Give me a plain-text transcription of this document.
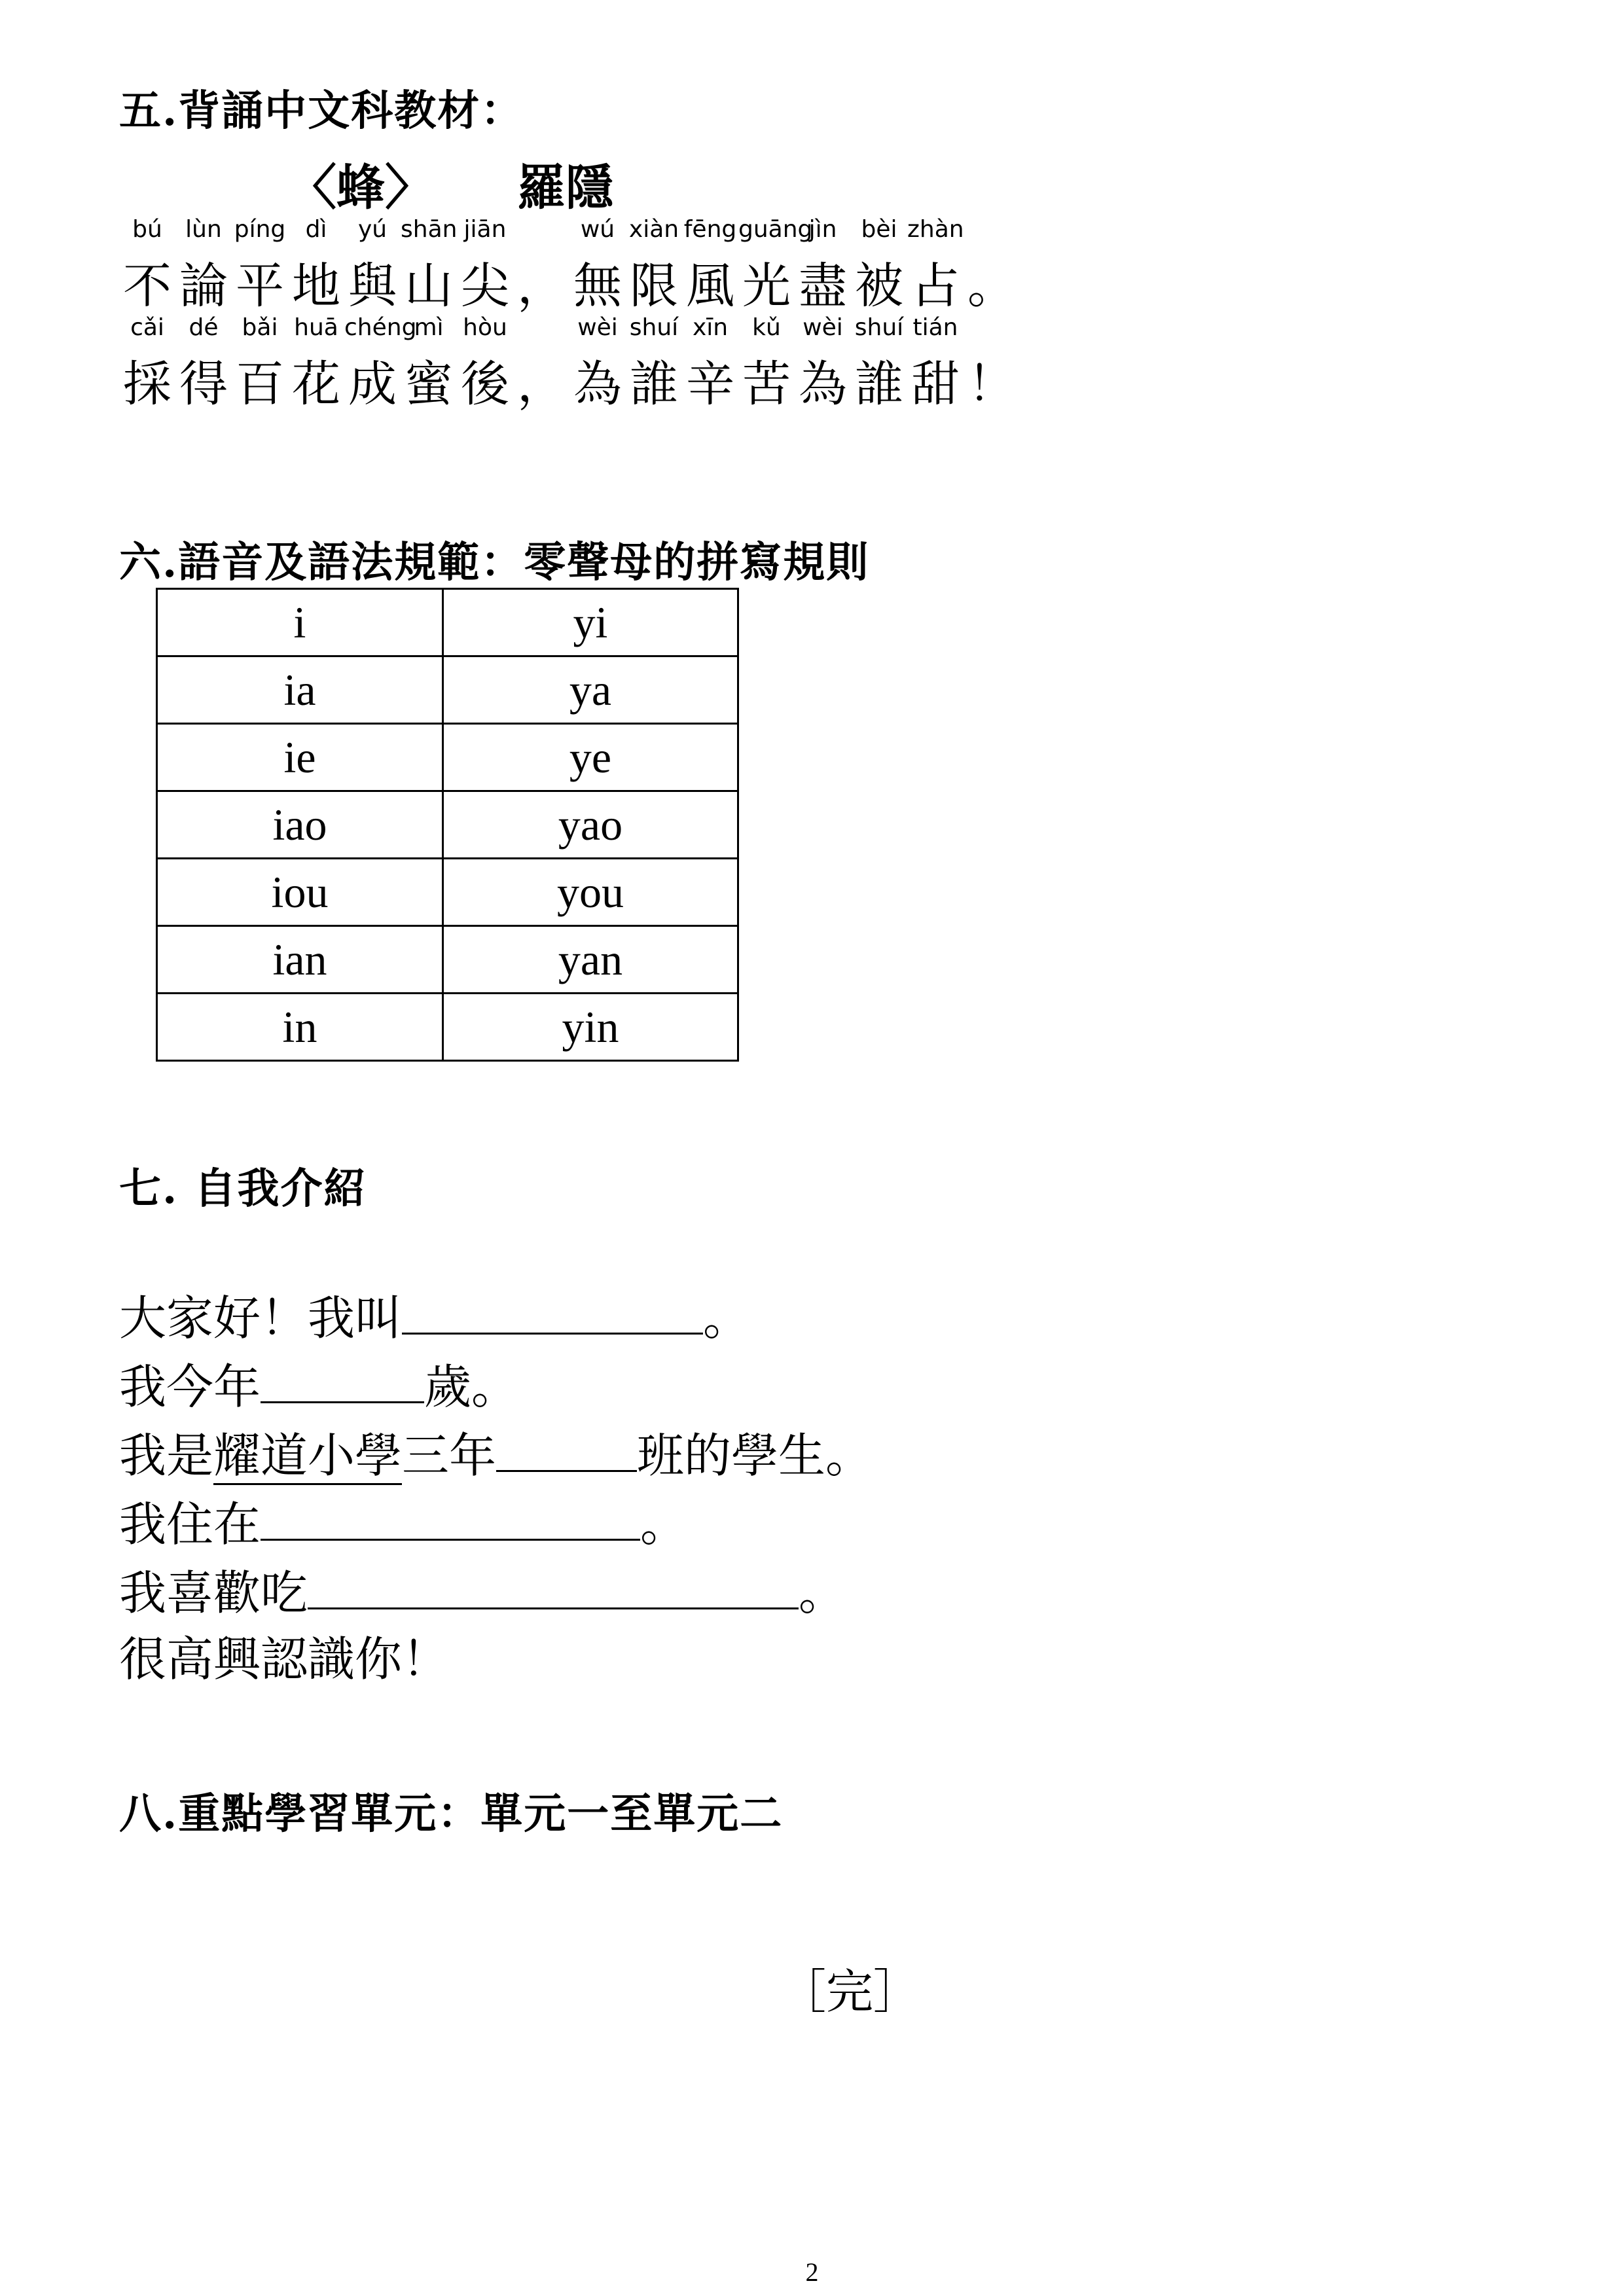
五.背誦中文科教材：
〈蜂〉 羅隱
bú lùn píng dì	yú shān jiān	wú xiàn fēng guāng
jìn	bèi zhàn
不 論 平 地 與 山 尖 ， 無 限 風 光 盡 被 占 。
cǎi	dé	bǎi huā chéng
mì hòu	wèi shuí xīn	kǔ wèi shuí tián
採 得 百 花 成 蜜 後 ， 為 誰 辛 苦 為 誰 甜 ！
六.語音及語法規範：零聲母的拼寫規則
i	yi
ia	ya
ie	ye
iao	yao
iou	you
ian	yan
in	yin
七. 自我介紹
大家好！我叫	。
我今年	歲。
我是耀道小學三年	班的學生。
我住在	。
我喜歡吃	。
很高興認識你！
八.重點學習單元：單元一至單元二
［完］
2
